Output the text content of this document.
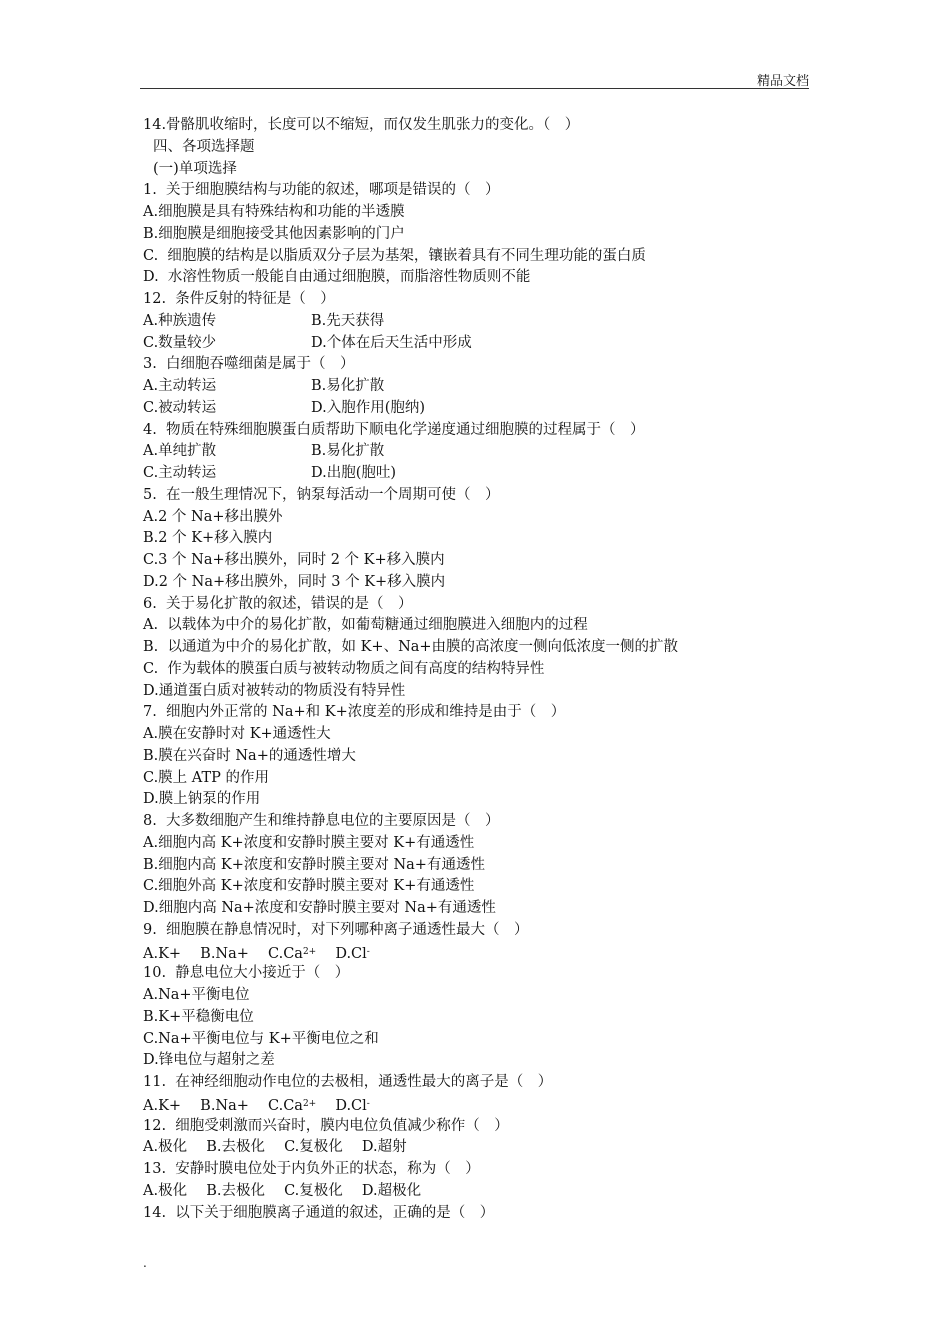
精品文档
14.骨骼肌收缩时，长度可以不缩短，而仅发生肌张力的变化。（　）
四、各项选择题
(一)单项选择
1.  关于细胞膜结构与功能的叙述，哪项是错误的（　）
A.细胞膜是具有特殊结构和功能的半透膜
B.细胞膜是细胞接受其他因素影响的门户
C.  细胞膜的结构是以脂质双分子层为基架，镶嵌着具有不同生理功能的蛋白质
D.  水溶性物质一般能自由通过细胞膜，而脂溶性物质则不能
12.  条件反射的特征是（　）
A.种族遗传	B.先天获得
C.数量较少	D.个体在后天生活中形成
3.  白细胞吞噬细菌是属于（　）
A.主动转运	B.易化扩散
C.被动转运	D.入胞作用(胞纳)
4.  物质在特殊细胞膜蛋白质帮助下顺电化学递度通过细胞膜的过程属于（　）
A.单纯扩散	B.易化扩散
C.主动转运	D.出胞(胞吐)
5.  在一般生理情况下，钠泵每活动一个周期可使（　）
A.2 个 Na+移出膜外
B.2 个 K+移入膜内
C.3 个 Na+移出膜外，同时 2 个 K+移入膜内
D.2 个 Na+移出膜外，同时 3 个 K+移入膜内
6.  关于易化扩散的叙述，错误的是（　）
A.  以载体为中介的易化扩散，如葡萄糖通过细胞膜进入细胞内的过程
B.  以通道为中介的易化扩散，如 K+、Na+由膜的高浓度一侧向低浓度一侧的扩散
C.  作为载体的膜蛋白质与被转动物质之间有高度的结构特异性
D.通道蛋白质对被转动的物质没有特异性
7.  细胞内外正常的 Na+和 K+浓度差的形成和维持是由于（　）
A.膜在安静时对 K+通透性大
B.膜在兴奋时 Na+的通透性增大
C.膜上 ATP 的作用
D.膜上钠泵的作用
8.  大多数细胞产生和维持静息电位的主要原因是（　）
A.细胞内高 K+浓度和安静时膜主要对 K+有通透性
B.细胞内高 K+浓度和安静时膜主要对 Na+有通透性
C.细胞外高 K+浓度和安静时膜主要对 K+有通透性
D.细胞内高 Na+浓度和安静时膜主要对 Na+有通透性
9.  细胞膜在静息情况时，对下列哪种离子通透性最大（　）
A.K+　 B.Na+　 $C.Ca^{2+}$　 D.Cl-
10.  静息电位大小接近于（　）
A.Na+平衡电位
B.K+平稳衡电位
C.Na+平衡电位与 K+平衡电位之和
D.锋电位与超射之差
11.  在神经细胞动作电位的去极相，通透性最大的离子是（　）
A.K+　 B.Na+　 $C.Ca^{2+}$　 D.Cl-
12.  细胞受刺激而兴奋时，膜内电位负值减少称作（　）
A.极化　 B.去极化　 C.复极化　 D.超射
13.  安静时膜电位处于内负外正的状态，称为（　）
A.极化　 B.去极化　 C.复极化　 D.超极化
14.  以下关于细胞膜离子通道的叙述，正确的是（　）
.
